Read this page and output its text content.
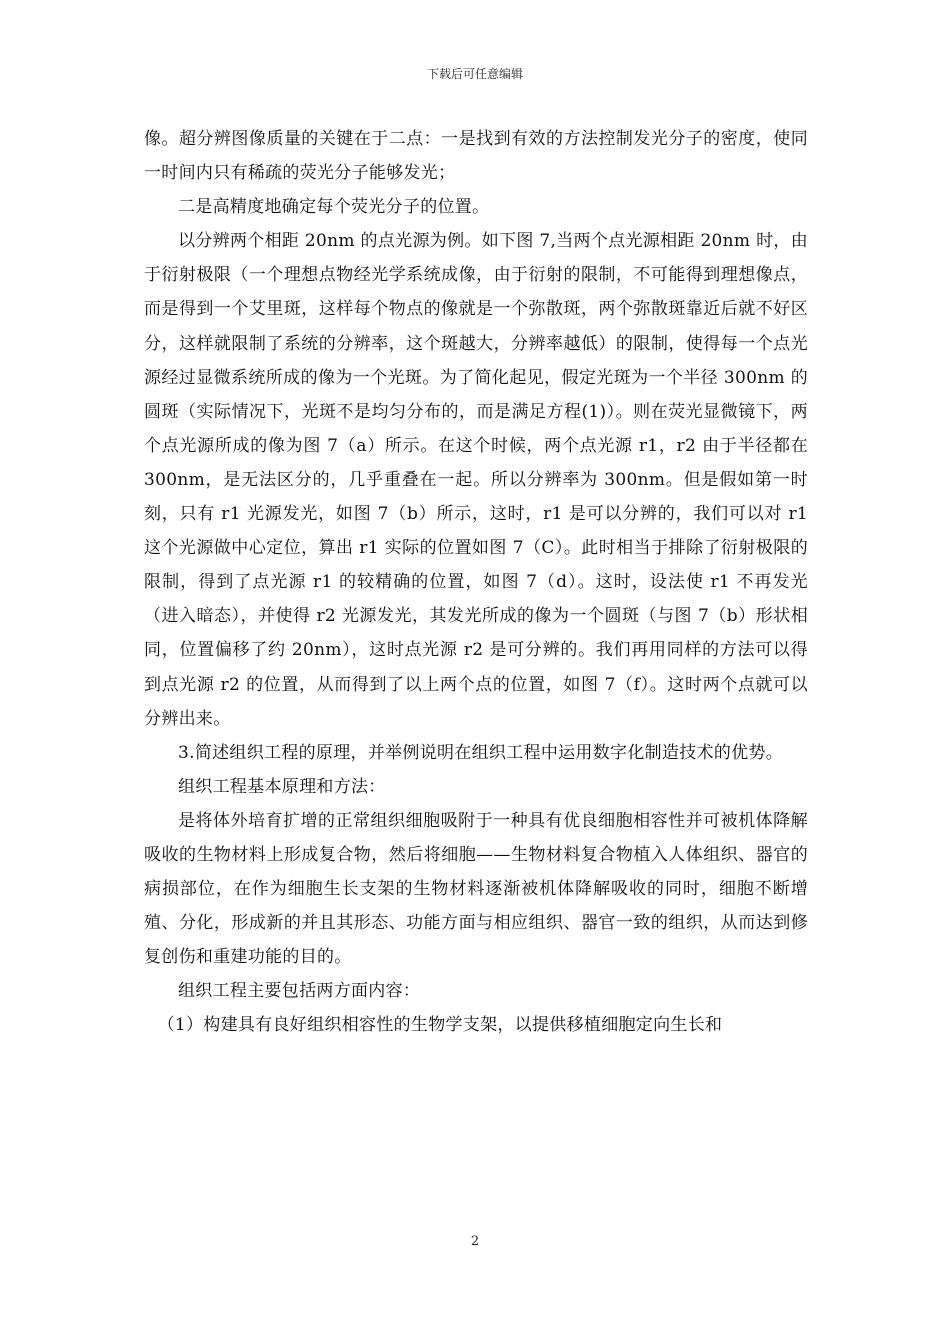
下载后可任意编辑

像。超分辨图像质量的关键在于二点：一是找到有效的方法控制发光分子的密度，使同一时间内只有稀疏的荧光分子能够发光；

二是高精度地确定每个荧光分子的位置。

以分辨两个相距 20nm 的点光源为例。如下图 7,当两个点光源相距 20nm 时，由于衍射极限（一个理想点物经光学系统成像，由于衍射的限制，不可能得到理想像点，而是得到一个艾里斑，这样每个物点的像就是一个弥散斑，两个弥散斑靠近后就不好区分，这样就限制了系统的分辨率，这个斑越大，分辨率越低）的限制，使得每一个点光源经过显微系统所成的像为一个光斑。为了简化起见，假定光斑为一个半径 300nm 的圆斑（实际情况下，光斑不是均匀分布的，而是满足方程(1)）。则在荧光显微镜下，两个点光源所成的像为图 7（a）所示。在这个时候，两个点光源 r1，r2 由于半径都在 300nm，是无法区分的，几乎重叠在一起。所以分辨率为 300nm。但是假如第一时刻，只有 r1 光源发光，如图 7（b）所示，这时，r1 是可以分辨的，我们可以对 r1 这个光源做中心定位，算出 r1 实际的位置如图 7（C）。此时相当于排除了衍射极限的限制，得到了点光源 r1 的较精确的位置，如图 7（d）。这时，设法使 r1 不再发光（进入暗态），并使得 r2 光源发光，其发光所成的像为一个圆斑（与图 7（b）形状相同，位置偏移了约 20nm），这时点光源 r2 是可分辨的。我们再用同样的方法可以得到点光源 r2 的位置，从而得到了以上两个点的位置，如图 7（f）。这时两个点就可以分辨出来。

3.简述组织工程的原理，并举例说明在组织工程中运用数字化制造技术的优势。

组织工程基本原理和方法：

是将体外培育扩增的正常组织细胞吸附于一种具有优良细胞相容性并可被机体降解吸收的生物材料上形成复合物，然后将细胞——生物材料复合物植入人体组织、器官的病损部位，在作为细胞生长支架的生物材料逐渐被机体降解吸收的同时，细胞不断增殖、分化，形成新的并且其形态、功能方面与相应组织、器官一致的组织，从而达到修复创伤和重建功能的目的。

组织工程主要包括两方面内容：

（1）构建具有良好组织相容性的生物学支架，以提供移植细胞定向生长和

2
